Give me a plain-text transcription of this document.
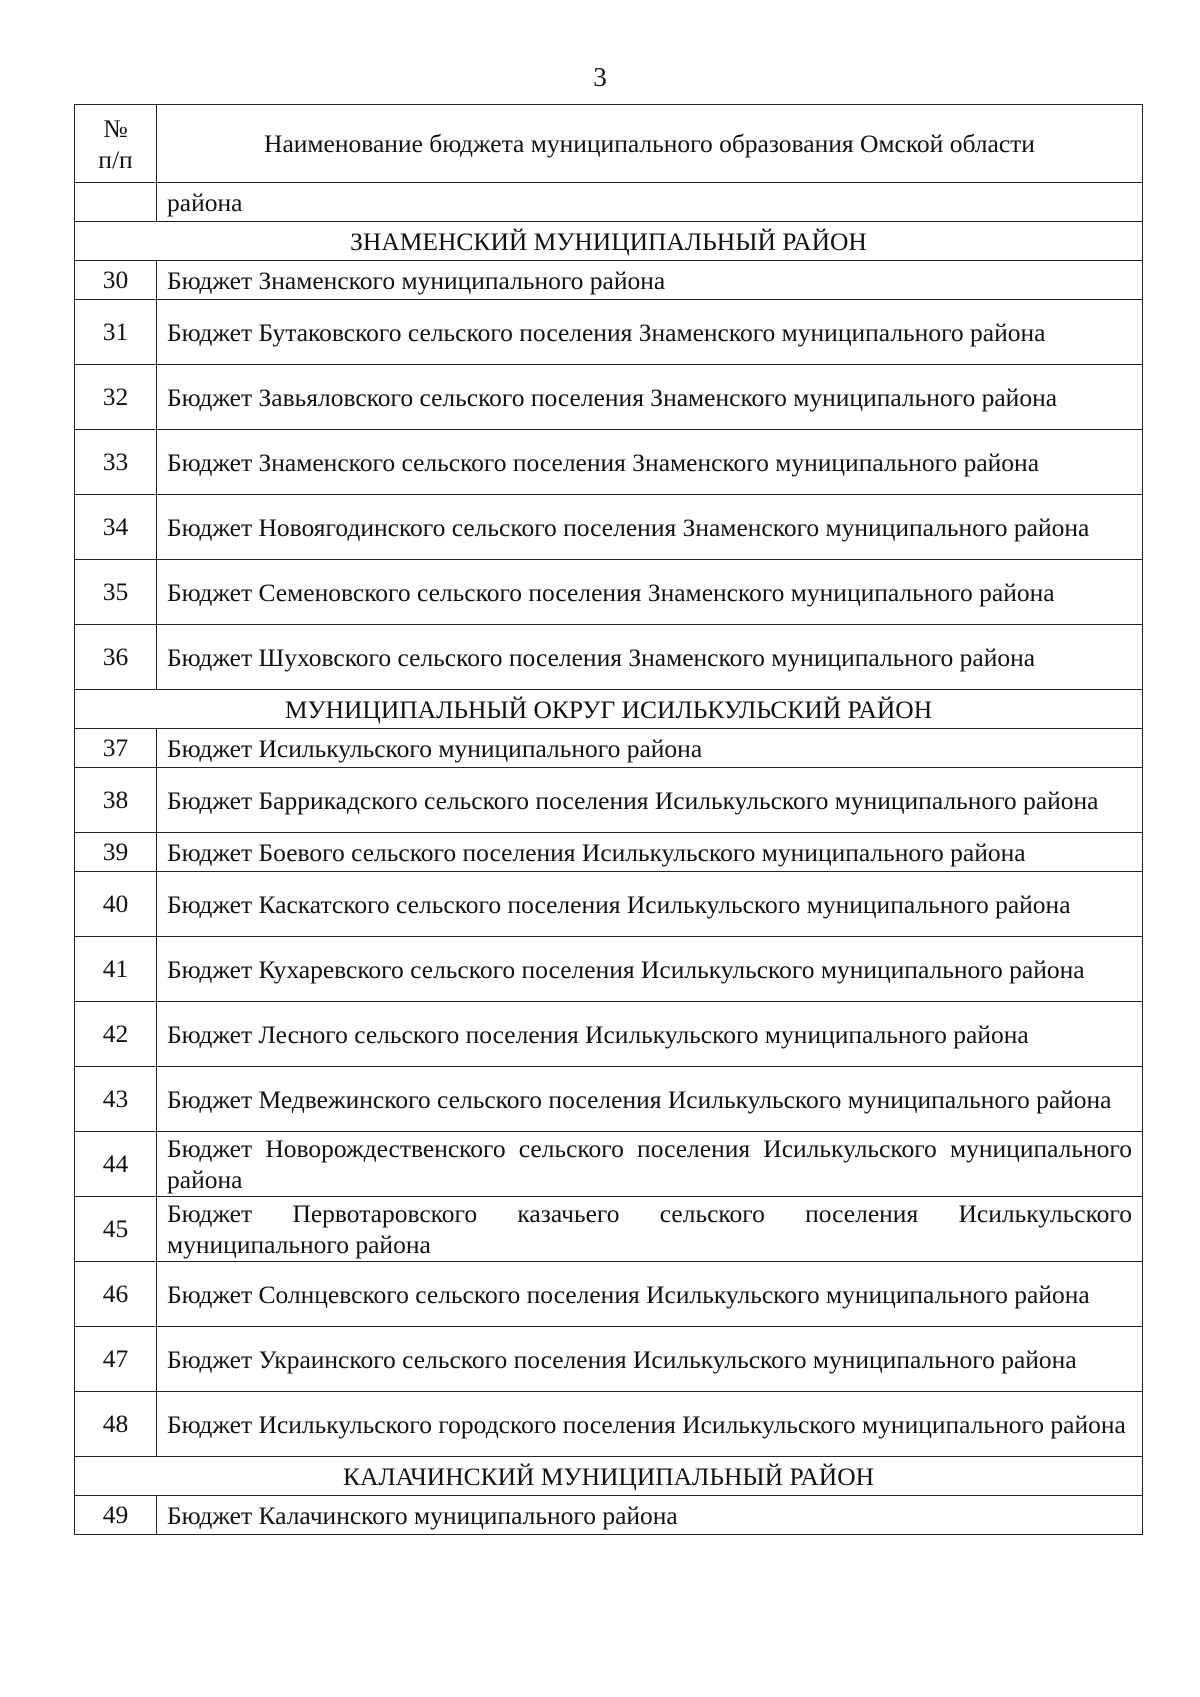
3
№
п/п	Наименование бюджета муниципального образования Омской области
	района
ЗНАМЕНСКИЙ МУНИЦИПАЛЬНЫЙ РАЙОН	
30	Бюджет Знаменского муниципального района
31	Бюджет Бутаковского сельского поселения Знаменского муниципального района
32	Бюджет Завьяловского сельского поселения Знаменского муниципального района
33	Бюджет Знаменского сельского поселения Знаменского муниципального района
34	Бюджет Новоягодинского сельского поселения Знаменского муниципального района
35	Бюджет Семеновского сельского поселения Знаменского муниципального района
36	Бюджет Шуховского сельского поселения Знаменского муниципального района
МУНИЦИПАЛЬНЫЙ ОКРУГ ИСИЛЬКУЛЬСКИЙ РАЙОН	
37	Бюджет Исилькульского муниципального района
38	Бюджет Баррикадского сельского поселения Исилькульского муниципального района
39	Бюджет Боевого сельского поселения Исилькульского муниципального района
40	Бюджет Каскатского сельского поселения Исилькульского муниципального района
41	Бюджет Кухаревского сельского поселения Исилькульского муниципального района
42	Бюджет Лесного сельского поселения Исилькульского муниципального района
43	Бюджет Медвежинского сельского поселения Исилькульского муниципального района
44	Бюджет Новорождественского сельского поселения Исилькульского муниципального района
45	Бюджет Первотаровского казачьего сельского поселения Исилькульского муниципального района
46	Бюджет Солнцевского сельского поселения Исилькульского муниципального района
47	Бюджет Украинского сельского поселения Исилькульского муниципального района
48	Бюджет Исилькульского городского поселения Исилькульского муниципального района
КАЛАЧИНСКИЙ МУНИЦИПАЛЬНЫЙ РАЙОН	
49	Бюджет Калачинского муниципального района
